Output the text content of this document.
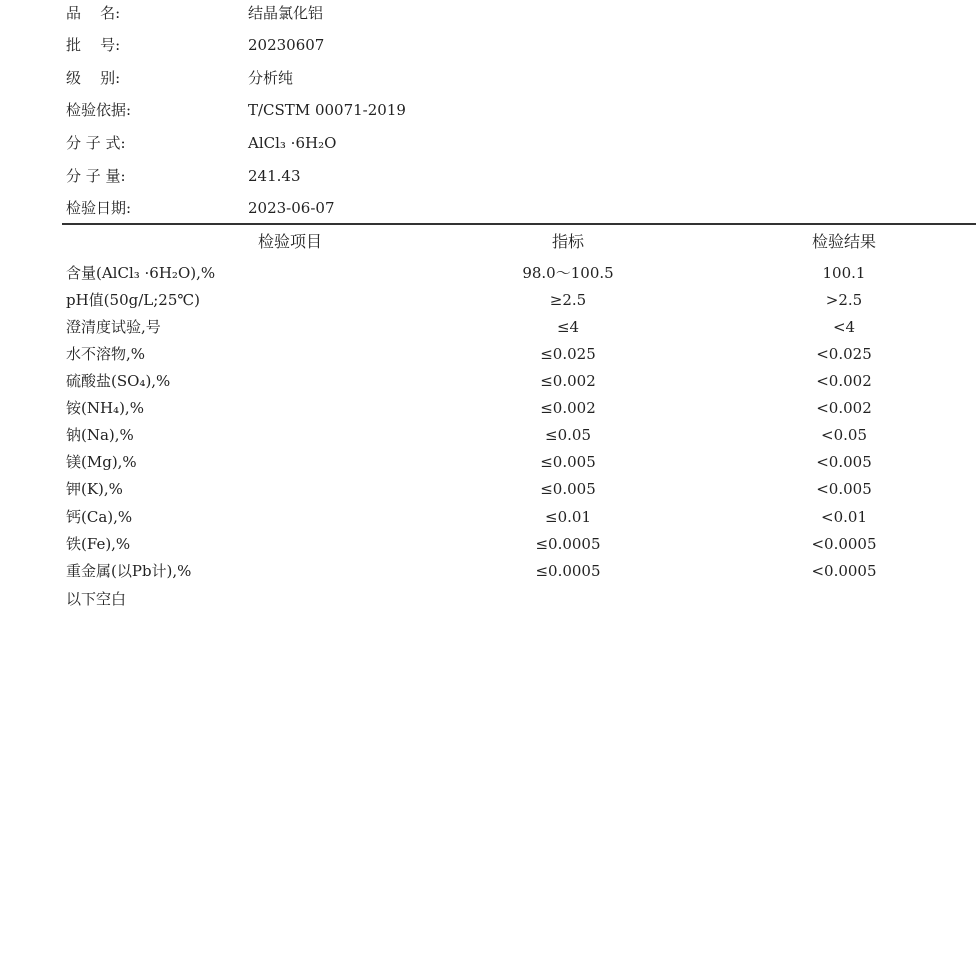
品    名:	结晶氯化铝
批    号:	20230607
级    别:	分析纯
检验依据:	T/CSTM 00071-2019
分 子 式:	AlCl₃ ·6H₂O
分 子 量:	241.43
检验日期:	2023-06-07
检验项目	指标	检验结果
含量(AlCl₃ ·6H₂O),%	98.0～100.5	100.1
pH值(50g/L;25℃)	≥2.5	>2.5
澄清度试验,号	≤4	<4
水不溶物,%	≤0.025	<0.025
硫酸盐(SO₄),%	≤0.002	<0.002
铵(NH₄),%	≤0.002	<0.002
钠(Na),%	≤0.05	<0.05
镁(Mg),%	≤0.005	<0.005
钾(K),%	≤0.005	<0.005
钙(Ca),%	≤0.01	<0.01
铁(Fe),%	≤0.0005	<0.0005
重金属(以Pb计),%	≤0.0005	<0.0005
以下空白
